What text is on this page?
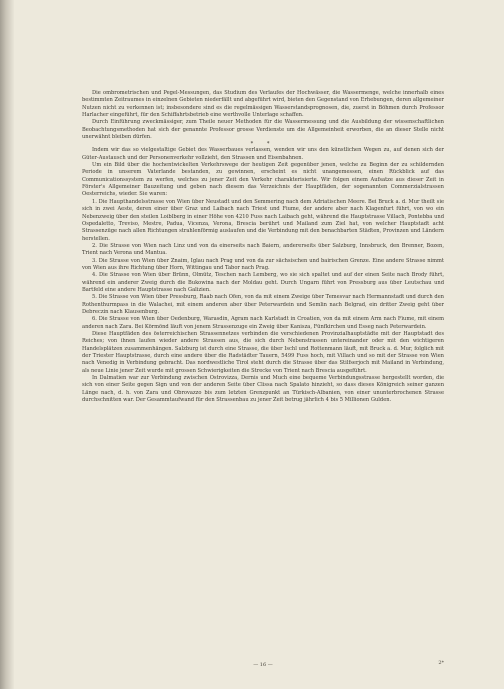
Die ombrometrischen und Pegel-Messungen, das Studium des Verlaufes der Hochwässer, die Wassermenge, welche innerhalb eines bestimmten Zeitraumes in einzelnen Gebieten niederfällt und abgeführt wird, bieten den Gegenstand von Erhebungen, deren allgemeiner Nutzen nicht zu verkennen ist; insbesondere sind es die regelmässigen Wasserstandsprognosen, die, zuerst in Böhmen durch Professor Harlacher eingeführt, für den Schiffahrtsbetrieb eine werthvolle Unterlage schaffen.

Durch Einführung zweckmässiger, zum Theile neuer Methoden für die Wassermessung und die Ausbildung der wissenschaftlichen Beobachtungsmethoden hat sich der genannte Professor grosse Verdienste um die Allgemeinheit erworben, die an dieser Stelle nicht unerwähnt bleiben dürfen.

* *

Indem wir das so vielgestaltige Gebiet des Wasserbaues verlassen, wenden wir uns den künstlichen Wegen zu, auf denen sich der Güter-Austausch und der Personenverkehr vollzieht, den Strassen und Eisenbahnen.

Um ein Bild über die hochentwickelten Verkehrswege der heutigen Zeit gegenüber jenen, welche zu Beginn der zu schildernden Periode in unserem Vaterlande bestanden, zu gewinnen, erscheint es nicht unangemessen, einen Rückblick auf das Communicationssystem zu werfen, welches zu jener Zeit den Verkehr charakterisierte. Wir folgen einem Aufsatze aus dieser Zeit in Förster's Allgemeiner Bauzeitung und geben nach diesem das Verzeichnis der Hauptfäden, der sogenannten Commerzialstrassen Oesterreichs, wieder. Sie waren:

1. Die Haupthandelsstrasse von Wien über Neustadt und den Semmering nach dem Adriatischen Meere. Bei Bruck a. d. Mur theilt sie sich in zwei Aeste, deren einer über Graz und Laibach nach Triest und Fiume, der andere aber nach Klagenfurt führt, von wo ein Nebenzweig über den steilen Loiblberg in einer Höhe von 4210 Fuss nach Laibach geht, während die Hauptstrasse Villach, Pontebba und Ospedaletto, Treviso, Mestre, Padua, Vicenza, Verona, Brescia berührt und Mailand zum Ziel hat, von welcher Hauptstadt acht Strassenzüge nach allen Richtungen strahlenförmig auslaufen und die Verbindung mit den benachbarten Städten, Provinzen und Ländern herstellen.

2. Die Strasse von Wien nach Linz und von da einerseits nach Baiern, andererseits über Salzburg, Innsbruck, den Brenner, Bozen, Trient nach Verona und Mantua.

3. Die Strasse von Wien über Znaim, Iglau nach Prag und von da zur sächsischen und bairischen Grenze. Eine andere Strasse nimmt von Wien aus ihre Richtung über Horn, Wittingau und Tabor nach Prag.

4. Die Strasse von Wien über Brünn, Olmütz, Teschen nach Lemberg, wo sie sich spaltet und auf der einen Seite nach Brody führt, während ein anderer Zweig durch die Bukowina nach der Moldau geht. Durch Ungarn führt von Pressburg aus über Leutschau und Bartfeld eine andere Hauptstrasse nach Galizien.

5. Die Strasse von Wien über Pressburg, Raab nach Ofen, von da mit einem Zweige über Temesvar nach Hermannstadt und durch den Rothenthurmpass in die Walachei, mit einem anderen aber über Peterwardein und Semlin nach Belgrad, ein dritter Zweig geht über Debreczin nach Klausenburg.

6. Die Strasse von Wien über Oedenburg, Warasdin, Agram nach Karlstadt in Croatien, von da mit einem Arm nach Fiume, mit einem anderen nach Zara. Bei Körmönd läuft von jenem Strassenzuge ein Zweig über Kanisza, Fünfkirchen und Esseg nach Peterwardein.

Diese Hauptfäden des österreichischen Strassennetzes verbinden die verschiedenen Provinzialhauptstädte mit der Hauptstadt des Reiches; von ihnen laufen wieder andere Strassen aus, die sich durch Nebenstrassen untereinander oder mit den wichtigeren Handelsplätzen zusammenhängen. Salzburg ist durch eine Strasse, die über Ischl und Rottenmann läuft, mit Bruck a. d. Mur, folglich mit der Triester Hauptstrasse, durch eine andere über die Radstädter Tauern, 5499 Fuss hoch, mit Villach und so mit der Strasse von Wien nach Venedig in Verbindung gebracht. Das nordwestliche Tirol steht durch die Strasse über das Stilfserjoch mit Mailand in Verbindung, als neue Linie jener Zeit wurde mit grossen Schwierigkeiten die Strecke von Trient nach Brescia ausgeführt.

In Dalmatien war zur Verbindung zwischen Ostrovizza, Dernis und Much eine bequeme Verbindungsstrasse hergestellt worden, die sich von einer Seite gegen Sign und von der anderen Seite über Clissa nach Spalato hinzieht, so dass dieses Königreich seiner ganzen Länge nach, d. h. von Zara und Obrovazzo bis zum letzten Grenzpunkt an Türkisch-Albanien, von einer ununterbrochenen Strasse durchschnitten war. Der Gesammtaufwand für den Strassenbau zu jener Zeit betrug jährlich 4 bis 5 Millionen Gulden.

— 16 —	2*
